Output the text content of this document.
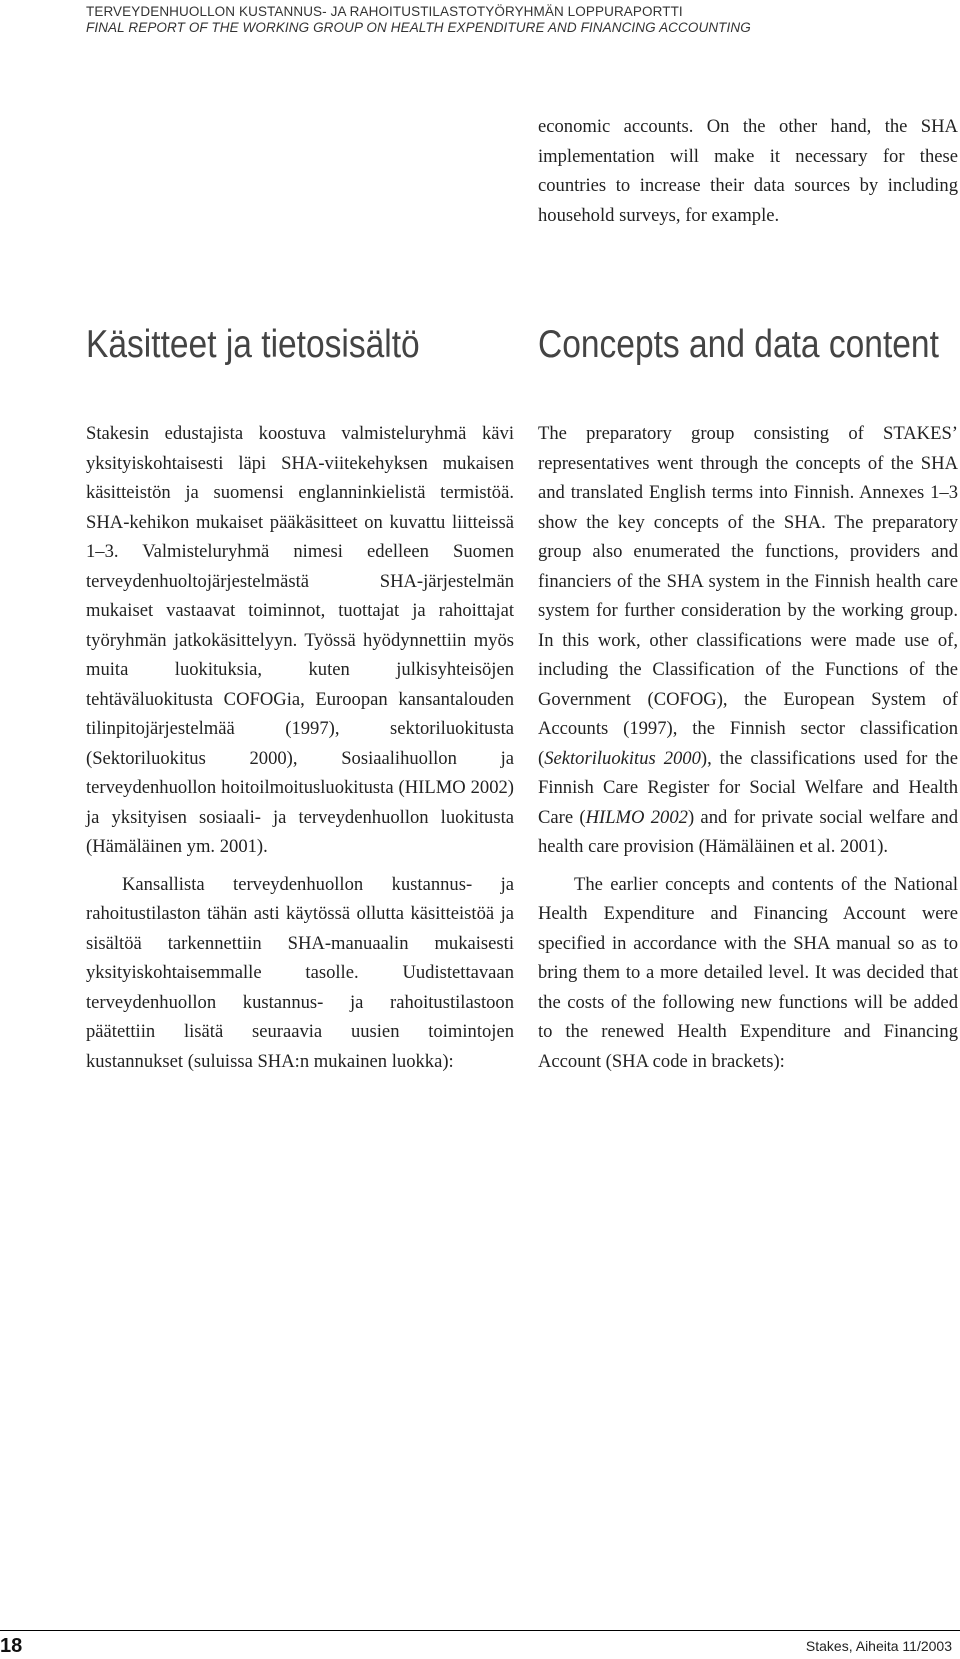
TERVEYDENHUOLLON KUSTANNUS- JA RAHOITUSTILASTOTYÖRYHMÄN LOPPURAPORTTI
FINAL REPORT OF THE WORKING GROUP ON HEALTH EXPENDITURE AND FINANCING ACCOUNTING

economic accounts. On the other hand, the SHA implementation will make it necessary for these countries to increase their data sources by including household surveys, for example.

Käsitteet ja tietosisältö	Concepts and data content

Stakesin edustajista koostuva valmisteluryhmä kävi yksityiskohtaisesti läpi SHA-viitekehyksen mukaisen käsitteistön ja suomensi englanninkielistä termistöä. SHA-kehikon mukaiset pääkäsitteet on kuvattu liitteissä 1–3. Valmisteluryhmä nimesi edelleen Suomen terveydenhuoltojärjestelmästä SHA-järjestelmän mukaiset vastaavat toiminnot, tuottajat ja rahoittajat työryhmän jatkokäsittelyyn. Työssä hyödynnettiin myös muita luokituksia, kuten julkisyhteisöjen tehtäväluokitusta COFOGia, Euroopan kansantalouden tilinpitojärjestelmää (1997), sektoriluokitusta (Sektoriluokitus 2000), Sosiaalihuollon ja terveydenhuollon hoitoilmoitusluokitusta (HILMO 2002) ja yksityisen sosiaali- ja terveydenhuollon luokitusta (Hämäläinen ym. 2001).

Kansallista terveydenhuollon kustannus- ja rahoitustilaston tähän asti käytössä ollutta käsitteistöä ja sisältöä tarkennettiin SHA-manuaalin mukaisesti yksityiskohtaisemmalle tasolle. Uudistettavaan terveydenhuollon kustannus- ja rahoitustilastoon päätettiin lisätä seuraavia uusien toimintojen kustannukset (suluissa SHA:n mukainen luokka):

The preparatory group consisting of STAKES’ representatives went through the concepts of the SHA and translated English terms into Finnish. Annexes 1–3 show the key concepts of the SHA. The preparatory group also enumerated the functions, providers and financiers of the SHA system in the Finnish health care system for further consideration by the working group. In this work, other classifications were made use of, including the Classification of the Functions of the Government (COFOG), the European System of Accounts (1997), the Finnish sector classification (Sektoriluokitus 2000), the classifications used for the Finnish Care Register for Social Welfare and Health Care (HILMO 2002) and for private social welfare and health care provision (Hämäläinen et al. 2001).

The earlier concepts and contents of the National Health Expenditure and Financing Account were specified in accordance with the SHA manual so as to bring them to a more detailed level. It was decided that the costs of the following new functions will be added to the renewed Health Expenditure and Financing Account (SHA code in brackets):

18	Stakes, Aiheita 11/2003
